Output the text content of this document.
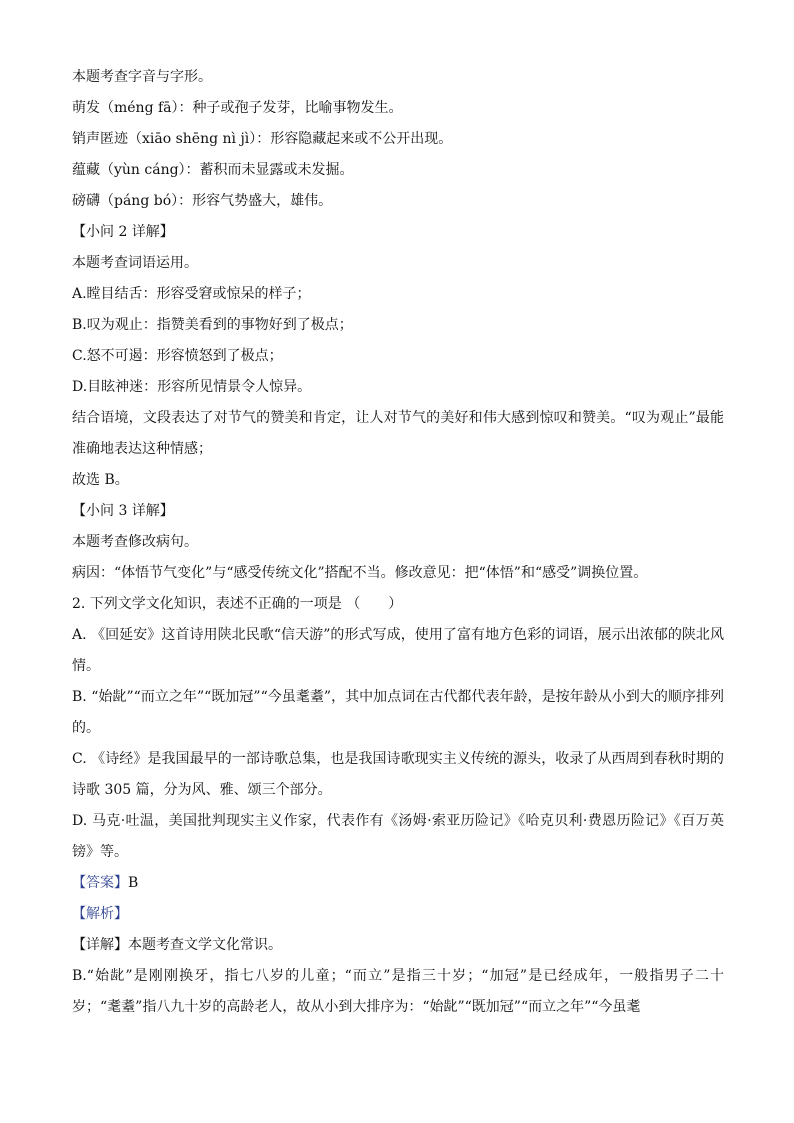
本题考查字音与字形。
萌发（méng fā）：种子或孢子发芽，比喻事物发生。
销声匿迹（xiāo shēng nì jì）：形容隐藏起来或不公开出现。
蕴藏（yùn cáng）：蓄积而未显露或未发掘。
磅礴（páng bó）：形容气势盛大，雄伟。
【小问 2 详解】
本题考查词语运用。
A.瞠目结舌：形容受窘或惊呆的样子；
B.叹为观止：指赞美看到的事物好到了极点；
C.怒不可遏：形容愤怒到了极点；
D.目眩神迷：形容所见情景令人惊异。
结合语境，文段表达了对节气的赞美和肯定，让人对节气的美好和伟大感到惊叹和赞美。“叹为观止”最能准确地表达这种情感；
故选 B。
【小问 3 详解】
本题考查修改病句。
病因：“体悟节气变化”与“感受传统文化”搭配不当。修改意见：把“体悟”和“感受”调换位置。
2. 下列文学文化知识，表述不正确的一项是 （　　）
A. 《回延安》这首诗用陕北民歌“信天游”的形式写成，使用了富有地方色彩的词语，展示出浓郁的陕北风情。
B. “始龀”“而立之年”“既加冠”“今虽耄耋”，其中加点词在古代都代表年龄，是按年龄从小到大的顺序排列的。
C. 《诗经》是我国最早的一部诗歌总集，也是我国诗歌现实主义传统的源头，收录了从西周到春秋时期的诗歌 305 篇，分为风、雅、颂三个部分。
D. 马克·吐温，美国批判现实主义作家，代表作有《汤姆·索亚历险记》《哈克贝利·费恩历险记》《百万英镑》等。
【答案】B
【解析】
【详解】本题考查文学文化常识。
B.“始龀”是刚刚换牙，指七八岁的儿童；“而立”是指三十岁；“加冠”是已经成年，一般指男子二十岁；“耄耋”指八九十岁的高龄老人，故从小到大排序为：“始龀”“既加冠”“而立之年”“今虽耄
